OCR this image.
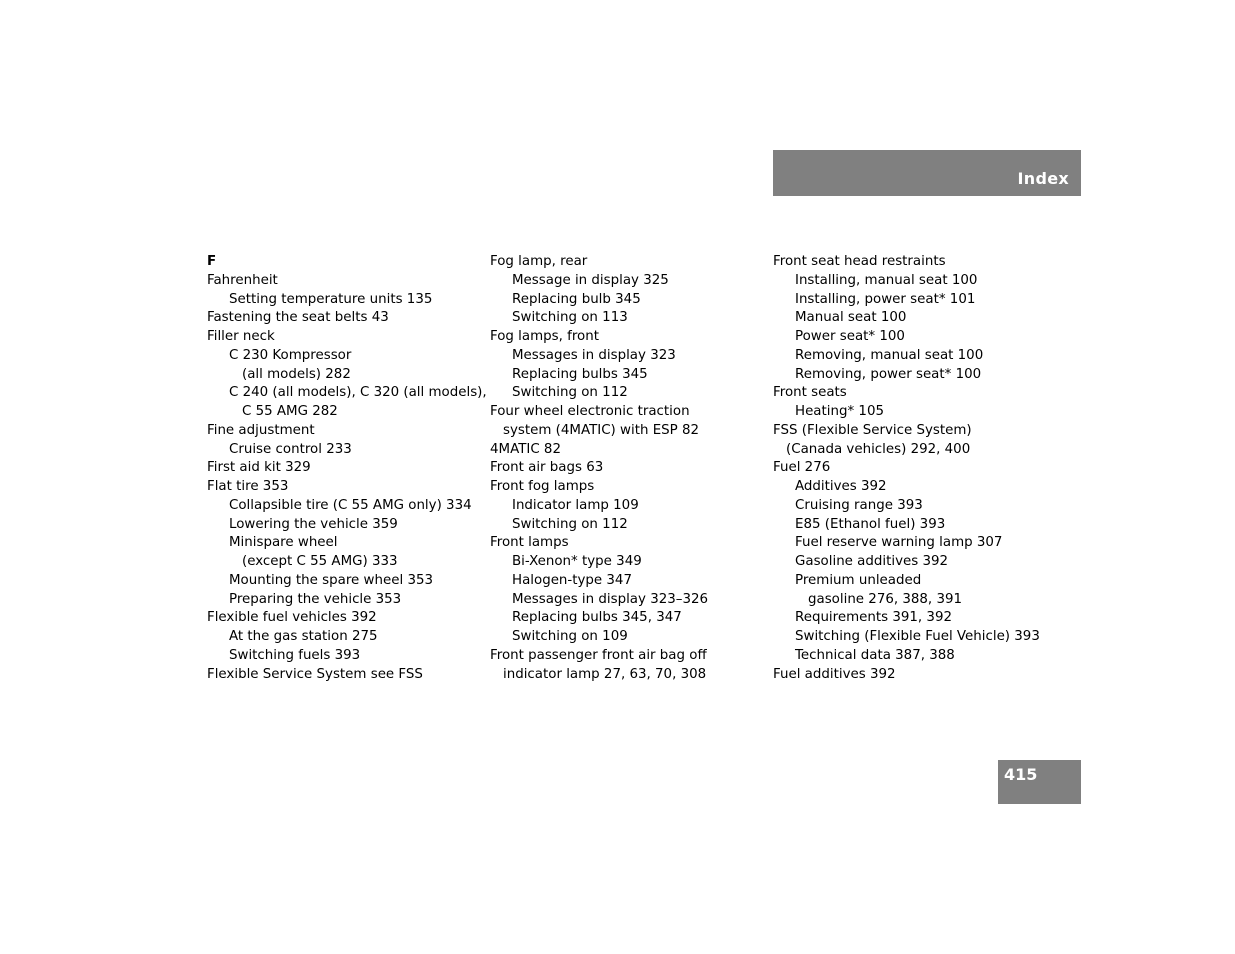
Index
F
Fahrenheit
Setting temperature units 135
Fastening the seat belts 43
Filler neck
C 230 Kompressor
(all models) 282
C 240 (all models), C 320 (all models),
C 55 AMG 282
Fine adjustment
Cruise control 233
First aid kit 329
Flat tire 353
Collapsible tire (C 55 AMG only) 334
Lowering the vehicle 359
Minispare wheel
(except C 55 AMG) 333
Mounting the spare wheel 353
Preparing the vehicle 353
Flexible fuel vehicles 392
At the gas station 275
Switching fuels 393
Flexible Service System see FSS
Fog lamp, rear
Message in display 325
Replacing bulb 345
Switching on 113
Fog lamps, front
Messages in display 323
Replacing bulbs 345
Switching on 112
Four wheel electronic traction
system (4MATIC) with ESP 82
4MATIC 82
Front air bags 63
Front fog lamps
Indicator lamp 109
Switching on 112
Front lamps
Bi-Xenon* type 349
Halogen-type 347
Messages in display 323–326
Replacing bulbs 345, 347
Switching on 109
Front passenger front air bag off
indicator lamp 27, 63, 70, 308
Front seat head restraints
Installing, manual seat 100
Installing, power seat* 101
Manual seat 100
Power seat* 100
Removing, manual seat 100
Removing, power seat* 100
Front seats
Heating* 105
FSS (Flexible Service System)
(Canada vehicles) 292, 400
Fuel 276
Additives 392
Cruising range 393
E85 (Ethanol fuel) 393
Fuel reserve warning lamp 307
Gasoline additives 392
Premium unleaded
gasoline 276, 388, 391
Requirements 391, 392
Switching (Flexible Fuel Vehicle) 393
Technical data 387, 388
Fuel additives 392
415
